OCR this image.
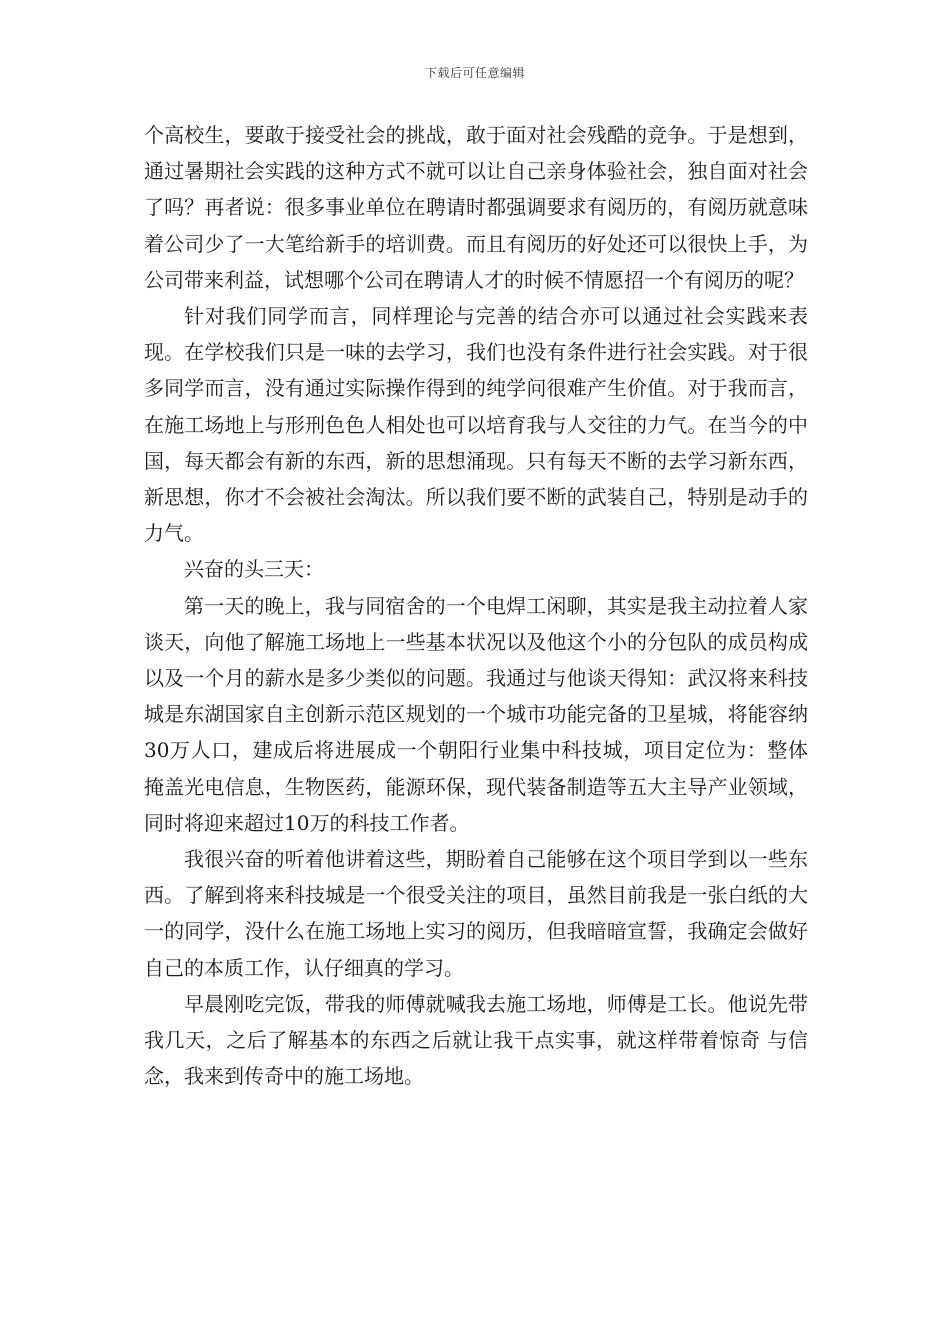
下载后可任意编辑

个高校生，要敢于接受社会的挑战，敢于面对社会残酷的竞争。于是想到，通过暑期社会实践的这种方式不就可以让自己亲身体验社会，独自面对社会了吗？再者说：很多事业单位在聘请时都强调要求有阅历的，有阅历就意味着公司少了一大笔给新手的培训费。而且有阅历的好处还可以很快上手，为公司带来利益，试想哪个公司在聘请人才的时候不情愿招一个有阅历的呢？

针对我们同学而言，同样理论与完善的结合亦可以通过社会实践来表现。在学校我们只是一味的去学习，我们也没有条件进行社会实践。对于很多同学而言，没有通过实际操作得到的纯学问很难产生价值。对于我而言，在施工场地上与形刑色色人相处也可以培育我与人交往的力气。在当今的中国，每天都会有新的东西，新的思想涌现。只有每天不断的去学习新东西，新思想，你才不会被社会淘汰。所以我们要不断的武装自己，特别是动手的力气。

兴奋的头三天：

第一天的晚上，我与同宿舍的一个电焊工闲聊，其实是我主动拉着人家谈天，向他了解施工场地上一些基本状况以及他这个小的分包队的成员构成以及一个月的薪水是多少类似的问题。我通过与他谈天得知：武汉将来科技城是东湖国家自主创新示范区规划的一个城市功能完备的卫星城，将能容纳30万人口，建成后将进展成一个朝阳行业集中科技城，项目定位为：整体掩盖光电信息，生物医药，能源环保，现代装备制造等五大主导产业领域，同时将迎来超过10万的科技工作者。

我很兴奋的听着他讲着这些，期盼着自己能够在这个项目学到以一些东西。了解到将来科技城是一个很受关注的项目，虽然目前我是一张白纸的大一的同学，没什么在施工场地上实习的阅历，但我暗暗宣誓，我确定会做好自己的本质工作，认仔细真的学习。

早晨刚吃完饭，带我的师傅就喊我去施工场地，师傅是工长。他说先带我几天，之后了解基本的东西之后就让我干点实事，就这样带着惊奇 与信念，我来到传奇中的施工场地。
